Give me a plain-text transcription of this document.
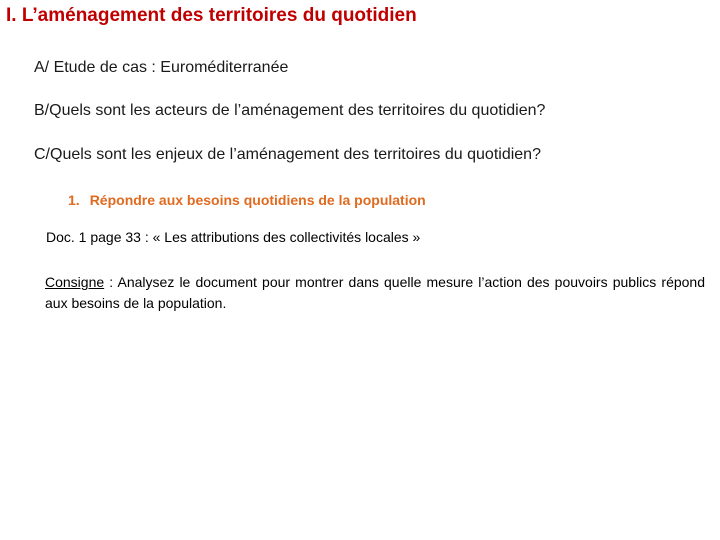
I. L’aménagement des territoires du quotidien
A/ Etude de cas : Euroméditerranée
B/Quels sont les acteurs de l’aménagement des territoires du quotidien?
C/Quels sont les enjeux de l’aménagement des territoires du quotidien?
1. Répondre aux besoins quotidiens de la population
Doc. 1 page 33 : « Les attributions des collectivités locales »
Consigne : Analysez le document pour montrer dans quelle mesure l’action des pouvoirs publics répond aux besoins de la population.
